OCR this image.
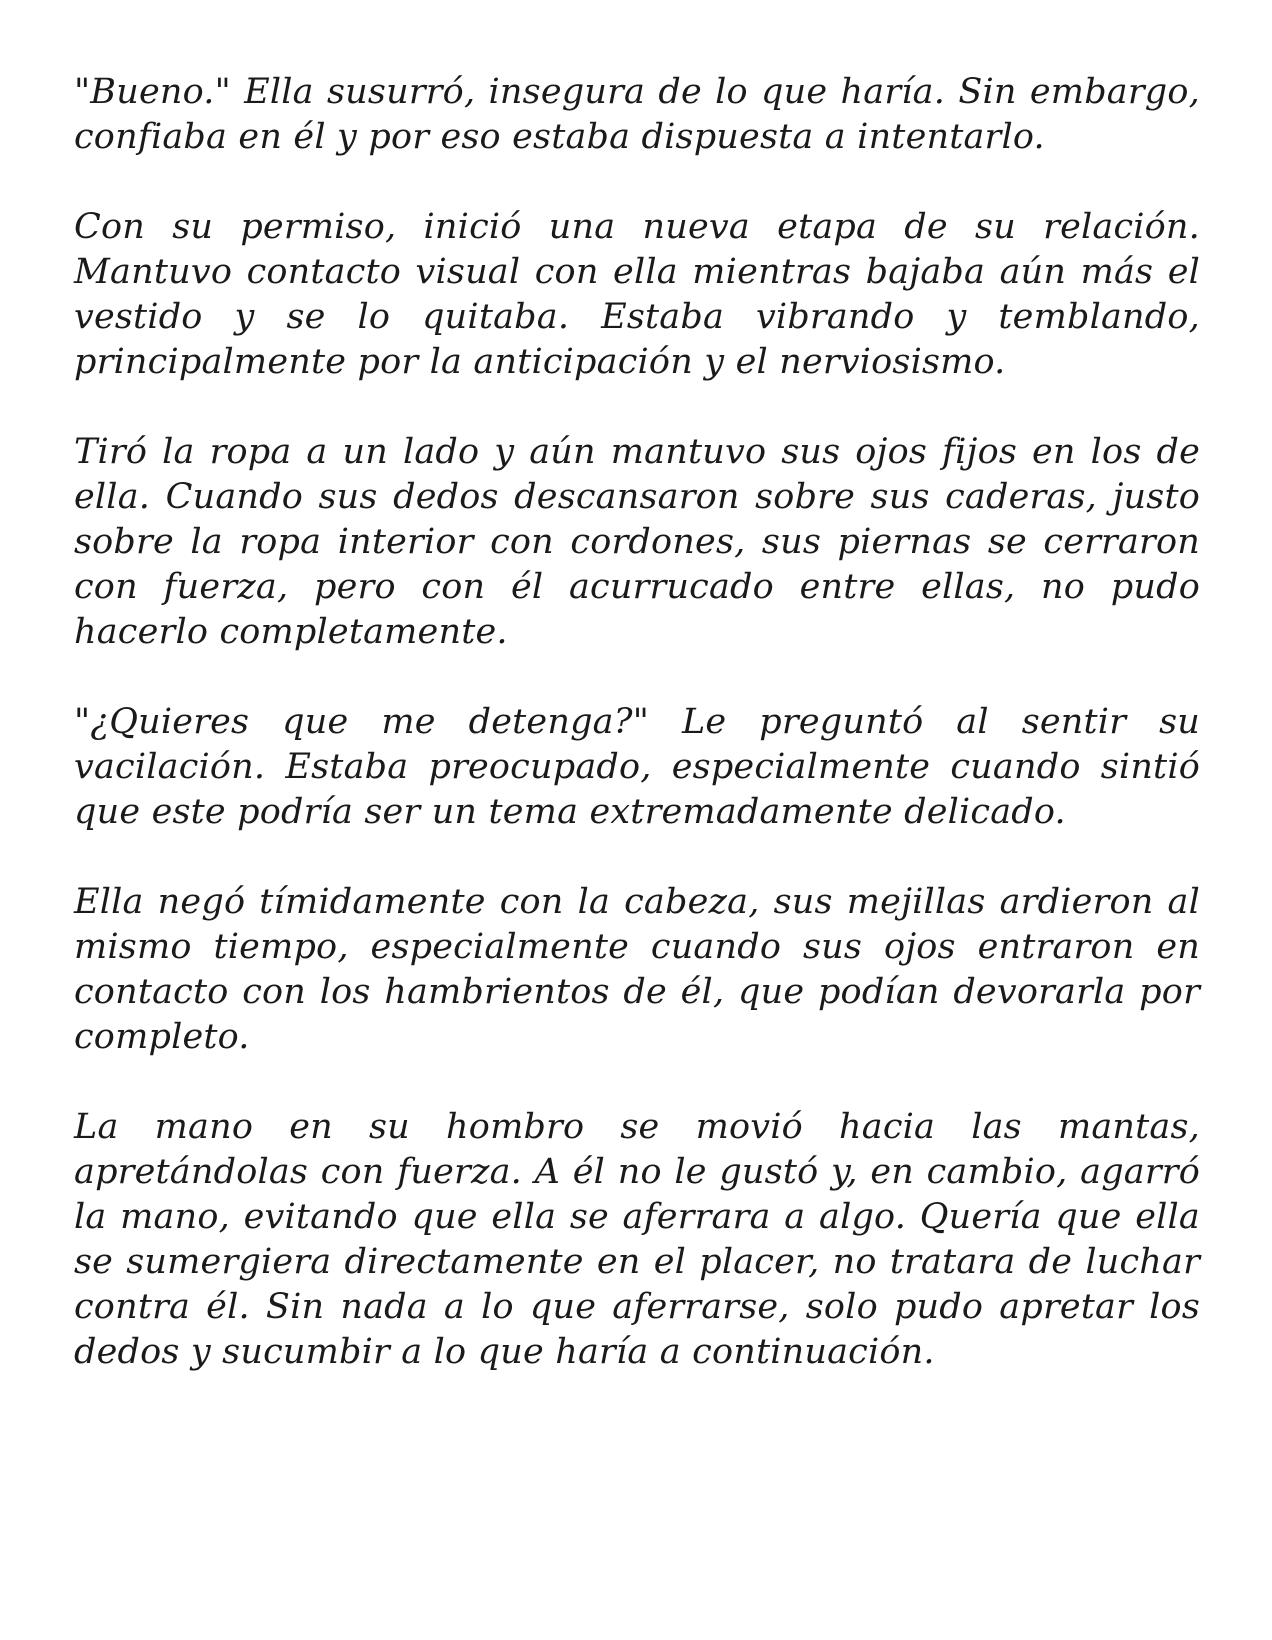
"Bueno." Ella susurró, insegura de lo que haría. Sin embargo, confiaba en él y por eso estaba dispuesta a intentarlo.

Con su permiso, inició una nueva etapa de su relación. Mantuvo contacto visual con ella mientras bajaba aún más el vestido y se lo quitaba. Estaba vibrando y temblando, principalmente por la anticipación y el nerviosismo.

Tiró la ropa a un lado y aún mantuvo sus ojos fijos en los de ella. Cuando sus dedos descansaron sobre sus caderas, justo sobre la ropa interior con cordones, sus piernas se cerraron con fuerza, pero con él acurrucado entre ellas, no pudo hacerlo completamente.

"¿Quieres que me detenga?" Le preguntó al sentir su vacilación. Estaba preocupado, especialmente cuando sintió que este podría ser un tema extremadamente delicado.

Ella negó tímidamente con la cabeza, sus mejillas ardieron al mismo tiempo, especialmente cuando sus ojos entraron en contacto con los hambrientos de él, que podían devorarla por completo.

La mano en su hombro se movió hacia las mantas, apretándolas con fuerza. A él no le gustó y, en cambio, agarró la mano, evitando que ella se aferrara a algo. Quería que ella se sumergiera directamente en el placer, no tratara de luchar contra él. Sin nada a lo que aferrarse, solo pudo apretar los dedos y sucumbir a lo que haría a continuación.
